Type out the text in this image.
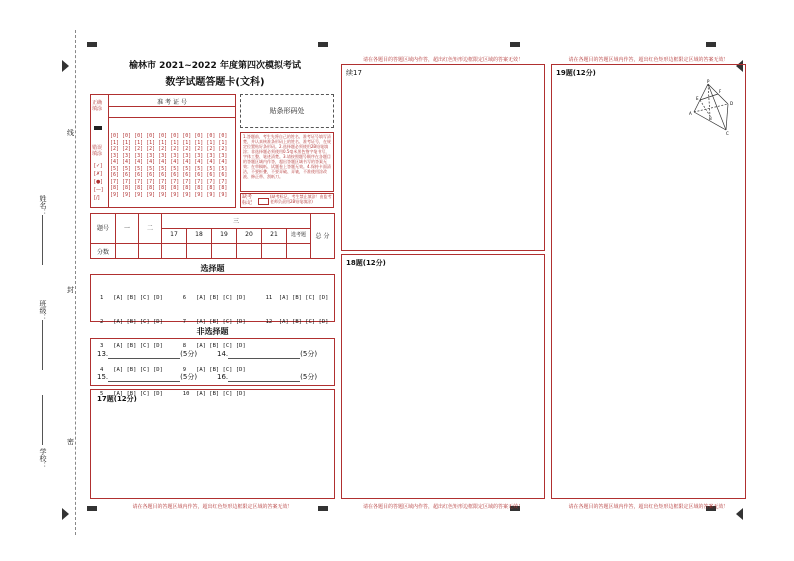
姓名：
班级：
学校：
线
封
密
榆林市 2021~2022 年度第四次模拟考试
数学试题答题卡(文科)
正确填涂
错误填涂
[✓]
[✗]
[●]
[—]
[/]
准 考 证 号
[0] [0] [0] [0] [0] [0] [0] [0] [0] [0]
[1] [1] [1] [1] [1] [1] [1] [1] [1] [1]
[2] [2] [2] [2] [2] [2] [2] [2] [2] [2]
[3] [3] [3] [3] [3] [3] [3] [3] [3] [3]
[4] [4] [4] [4] [4] [4] [4] [4] [4] [4]
[5] [5] [5] [5] [5] [5] [5] [5] [5] [5]
[6] [6] [6] [6] [6] [6] [6] [6] [6] [6]
[7] [7] [7] [7] [7] [7] [7] [7] [7] [7]
[8] [8] [8] [8] [8] [8] [8] [8] [8] [8]
[9] [9] [9] [9] [9] [9] [9] [9] [9] [9]
贴条形码处
1.答题前，考生先将自己的姓名、准考证号填写清楚，并认真核准条形码上的姓名、准考证号，在规定位置贴好条形码。2.选择题必须使用2B铅笔填涂；非选择题必须使用0.5毫米黑色签字笔书写，字体工整、笔迹清楚。3.请按照题号顺序在各题目的答题区域内作答，超出答题区域书写的答案无效；在草稿纸、试题卷上答题无效。4.保持卡面清洁，不要折叠，不要弄破、弄皱，不准使用涂改液、修正带、刮纸刀。
缺考标记
(缺考标记，考生禁止填涂！由监考老师负责用2B铅笔填涂)
题号	一	二
三
17	18	19	20	21	选考题	总 分
分数
选择题

1   [A] [B] [C] [D]      6   [A] [B] [C] [D]      11  [A] [B] [C] [D]

2   [A] [B] [C] [D]      7   [A] [B] [C] [D]      12  [A] [B] [C] [D]

3   [A] [B] [C] [D]      8   [A] [B] [C] [D]

4   [A] [B] [C] [D]      9   [A] [B] [C] [D]

5   [A] [B] [C] [D]      10  [A] [B] [C] [D]

非选择题
13.	(5分)	14.	(5分)
15.	(5分)	16.	(5分)
17题(12分)
请在各题目的答题区域内作答，超出红色矩形边框限定区域的答案无效！
请在各题目的答题区域内作答，超出红色矩形边框限定区域的答案无效！
续17
18题(12分)
请在各题目的答题区域内作答，超出红色矩形边框限定区域的答案无效！
请在各题目的答题区域内作答，超出红色矩形边框限定区域的答案无效！
19题(12分)
P
A
C
D
B
E
F
请在各题目的答题区域内作答，超出红色矩形边框限定区域的答案无效！
